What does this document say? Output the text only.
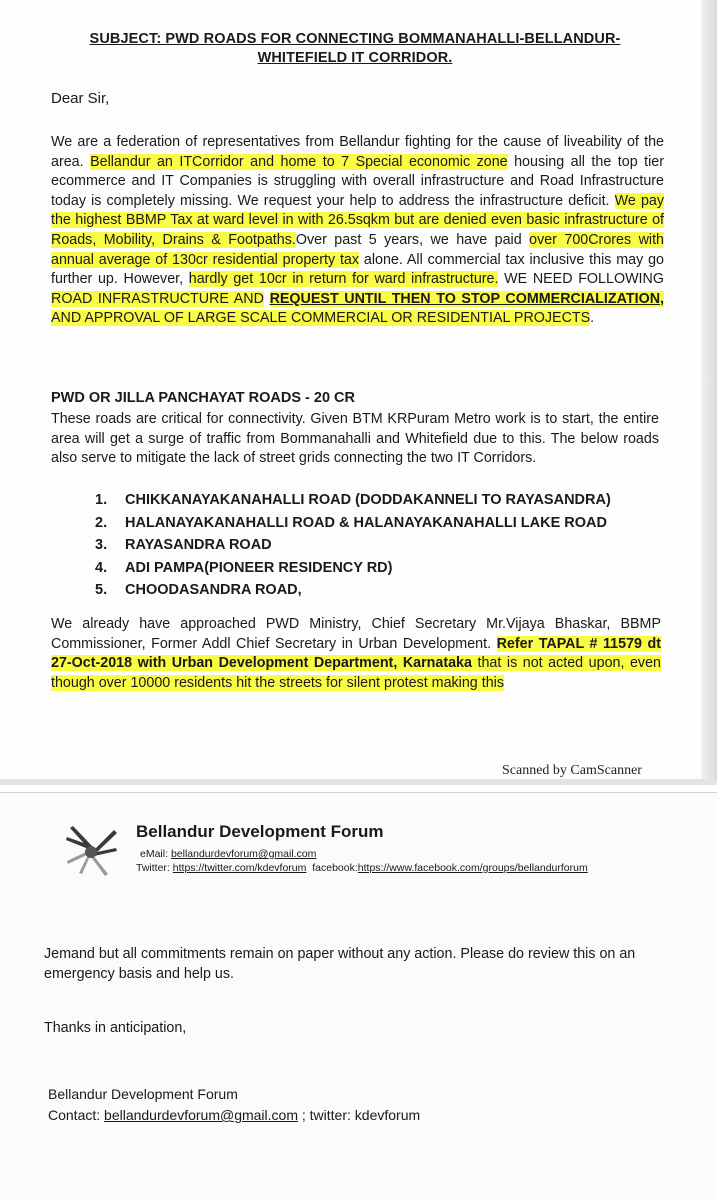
SUBJECT: PWD ROADS FOR CONNECTING BOMMANAHALLI-BELLANDUR-
WHITEFIELD IT CORRIDOR.
Dear Sir,
We are a federation of representatives from Bellandur fighting for the cause of liveability of the area. Bellandur an ITCorridor and home to 7 Special economic zone housing all the top tier ecommerce and IT Companies is struggling with overall infrastructure and Road Infrastructure today is completely missing. We request your help to address the infrastructure deficit. We pay the highest BBMP Tax at ward level in with 26.5sqkm but are denied even basic infrastructure of Roads, Mobility, Drains & Footpaths.Over past 5 years, we have paid over 700Crores with annual average of 130cr residential property tax alone. All commercial tax inclusive this may go further up. However, hardly get 10cr in return for ward infrastructure. WE NEED FOLLOWING ROAD INFRASTRUCTURE AND REQUEST UNTIL THEN TO STOP COMMERCIALIZATION, AND APPROVAL OF LARGE SCALE COMMERCIAL OR RESIDENTIAL PROJECTS.
PWD OR JILLA PANCHAYAT ROADS - 20 CR
These roads are critical for connectivity. Given BTM KRPuram Metro work is to start, the entire area will get a surge of traffic from Bommanahalli and Whitefield due to this. The below roads also serve to mitigate the lack of street grids connecting the two IT Corridors.
1.	CHIKKANAYAKANAHALLI ROAD (DODDAKANNELI TO RAYASANDRA)
2.	HALANAYAKANAHALLI ROAD & HALANAYAKANAHALLI LAKE ROAD
3.	RAYASANDRA ROAD
4.	ADI PAMPA(PIONEER RESIDENCY RD)
5.	CHOODASANDRA ROAD,
We already have approached PWD Ministry, Chief Secretary Mr.Vijaya Bhaskar, BBMP Commissioner, Former Addl Chief Secretary in Urban Development. Refer TAPAL # 11579 dt 27-Oct-2018 with Urban Development Department, Karnataka that is not acted upon, even though over 10000 residents hit the streets for silent protest making this
Scanned by CamScanner
Bellandur Development Forum
eMail: bellandurdevforum@gmail.com
Twitter: https://twitter.com/kdevforum  facebook:https://www.facebook.com/groups/bellandurforum
Jemand but all commitments remain on paper without any action. Please do review this on an emergency basis and help us.
Thanks in anticipation,
Bellandur Development Forum
Contact: bellandurdevforum@gmail.com ; twitter: kdevforum
